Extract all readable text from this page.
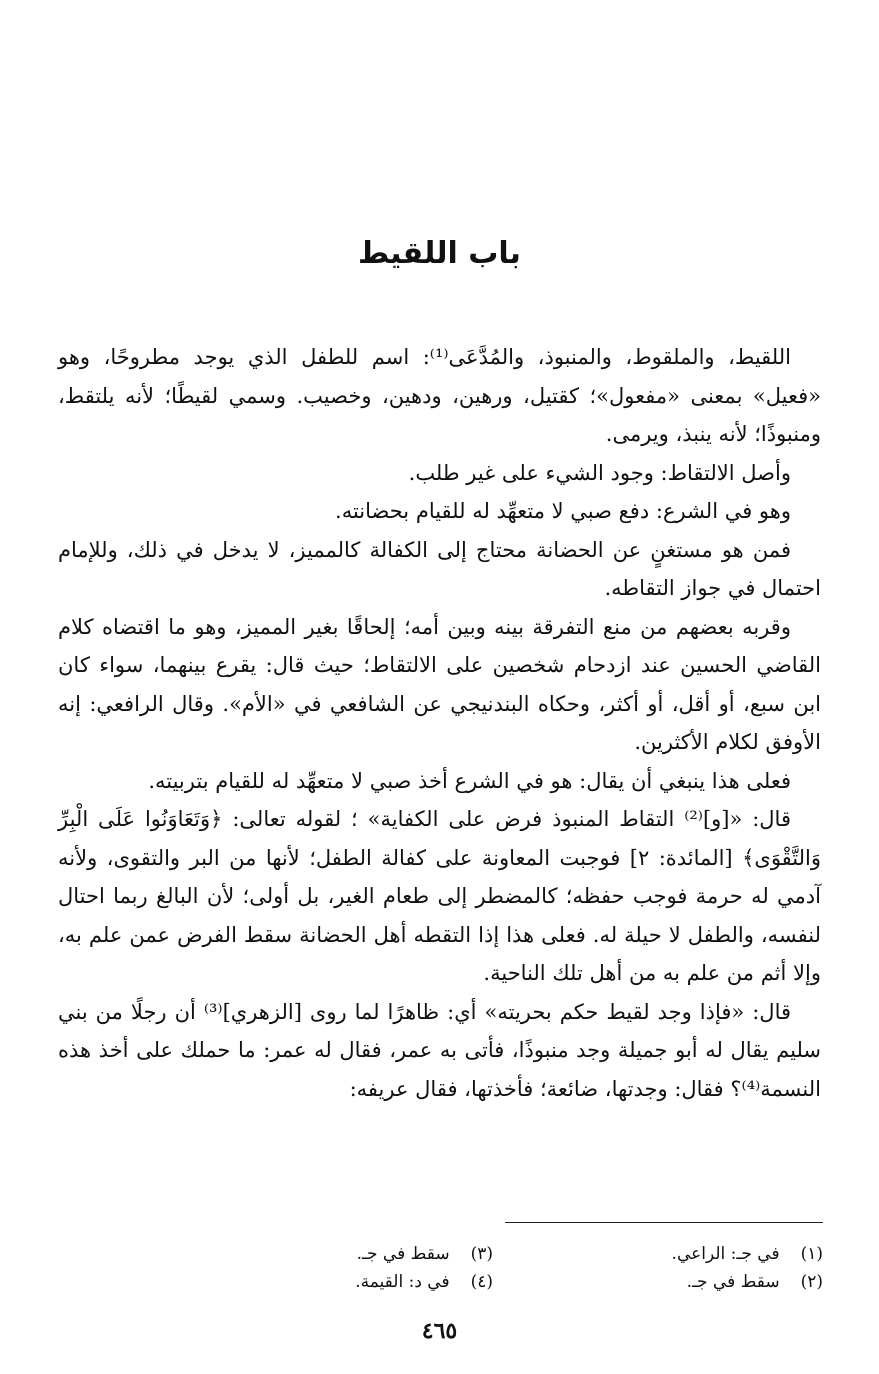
باب اللقيط

اللقيط، والملقوط، والمنبوذ، والمُدَّعَى⁽¹⁾: اسم للطفل الذي يوجد مطروحًا، وهو «فعيل» بمعنى «مفعول»؛ كقتيل، ورهين، ودهين، وخصيب. وسمي لقيطًا؛ لأنه يلتقط، ومنبوذًا؛ لأنه ينبذ، ويرمى.

وأصل الالتقاط: وجود الشيء على غير طلب.

وهو في الشرع: دفع صبي لا متعهِّد له للقيام بحضانته.

فمن هو مستغنٍ عن الحضانة محتاج إلى الكفالة كالمميز، لا يدخل في ذلك، وللإمام احتمال في جواز التقاطه.

وقربه بعضهم من منع التفرقة بينه وبين أمه؛ إلحاقًا بغير المميز، وهو ما اقتضاه كلام القاضي الحسين عند ازدحام شخصين على الالتقاط؛ حيث قال: يقرع بينهما، سواء كان ابن سبع، أو أقل، أو أكثر، وحكاه البندنيجي عن الشافعي في «الأم». وقال الرافعي: إنه الأوفق لكلام الأكثرين.

فعلى هذا ينبغي أن يقال: هو في الشرع أخذ صبي لا متعهِّد له للقيام بتربيته.

قال: «[و]⁽²⁾ التقاط المنبوذ فرض على الكفاية» ؛ لقوله تعالى: ﴿وَتَعَاوَنُوا عَلَى الْبِرِّ وَالتَّقْوَى﴾ [المائدة: ٢] فوجبت المعاونة على كفالة الطفل؛ لأنها من البر والتقوى، ولأنه آدمي له حرمة فوجب حفظه؛ كالمضطر إلى طعام الغير، بل أولى؛ لأن البالغ ربما احتال لنفسه، والطفل لا حيلة له. فعلى هذا إذا التقطه أهل الحضانة سقط الفرض عمن علم به، وإلا أثم من علم به من أهل تلك الناحية.

قال: «فإذا وجد لقيط حكم بحريته» أي: ظاهرًا لما روى [الزهري]⁽³⁾ أن رجلًا من بني سليم يقال له أبو جميلة وجد منبوذًا، فأتى به عمر، فقال له عمر: ما حملك على أخذ هذه النسمة⁽⁴⁾؟ فقال: وجدتها، ضائعة؛ فأخذتها، فقال عريفه:

(١) في جـ: الراعي.
(٢) سقط في جـ.
(٣) سقط في جـ.
(٤) في د: القيمة.
٤٦٥
